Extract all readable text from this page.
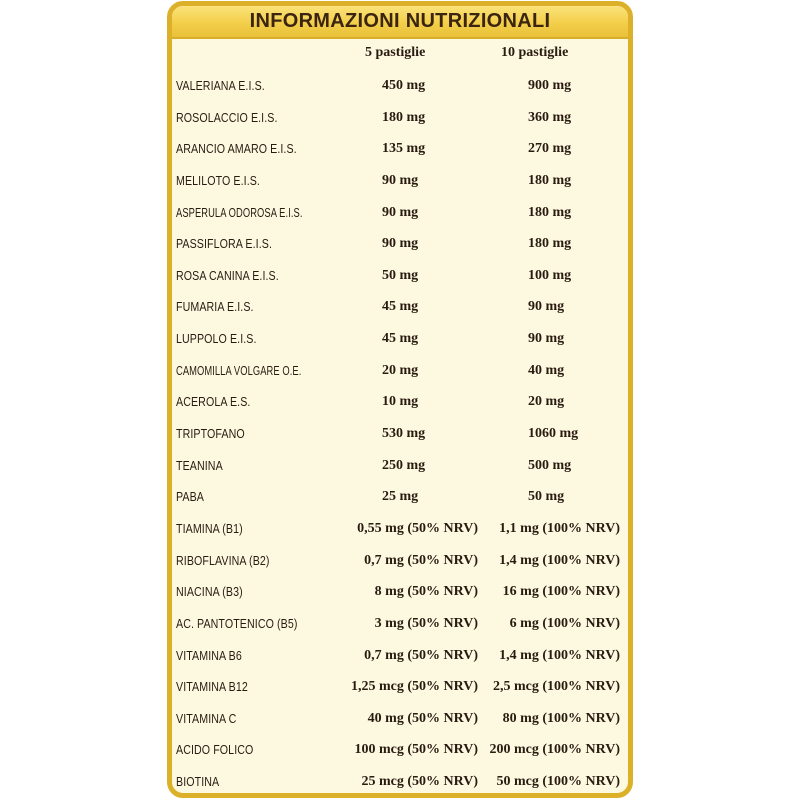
INFORMAZIONI NUTRIZIONALI
5 pastiglie	10 pastiglie
VALERIANA E.I.S.	450 mg	900 mg
ROSOLACCIO E.I.S.	180 mg	360 mg
ARANCIO AMARO E.I.S.	135 mg	270 mg
MELILOTO E.I.S.	90 mg	180 mg
ASPERULA ODOROSA E.I.S.	90 mg	180 mg
PASSIFLORA E.I.S.	90 mg	180 mg
ROSA CANINA E.I.S.	50 mg	100 mg
FUMARIA E.I.S.	45 mg	90 mg
LUPPOLO E.I.S.	45 mg	90 mg
CAMOMILLA VOLGARE O.E.	20 mg	40 mg
ACEROLA E.S.	10 mg	20 mg
TRIPTOFANO	530 mg	1060 mg
TEANINA	250 mg	500 mg
PABA	25 mg	50 mg
TIAMINA (B1)	0,55 mg (50% NRV) 1,1 mg (100% NRV)
RIBOFLAVINA (B2)	0,7 mg (50% NRV) 1,4 mg (100% NRV)
NIACINA (B3)	8 mg (50% NRV) 16 mg (100% NRV)
AC. PANTOTENICO (B5)	3 mg (50% NRV) 6 mg (100% NRV)
VITAMINA B6	0,7 mg (50% NRV) 1,4 mg (100% NRV)
VITAMINA B12	1,25 mcg (50% NRV) 2,5 mcg (100% NRV)
VITAMINA C	40 mg (50% NRV) 80 mg (100% NRV)
ACIDO FOLICO	100 mcg (50% NRV) 200 mcg (100% NRV)
BIOTINA	25 mcg (50% NRV) 50 mcg (100% NRV)
